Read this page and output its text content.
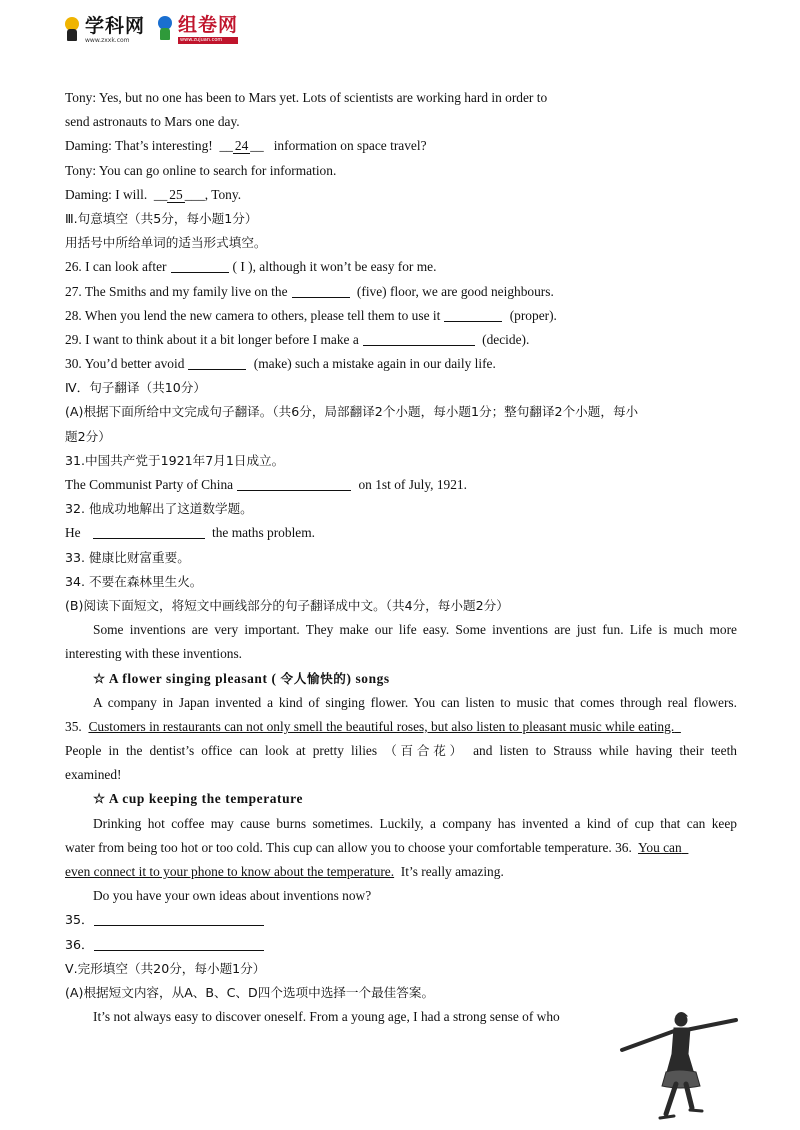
学科网
www.zxxk.com
组卷网
www.zujuan.com
Tony: Yes, but no one has been to Mars yet. Lots of scientists are working hard in order to
send astronauts to Mars one day.
Daming: That’s interesting!  __ 24 __   information on space travel?
Tony: You can go online to search for information.
Daming: I will.  __ 25 ___, Tony.
Ⅲ.句意填空（共5分，每小题1分）
用括号中所给单词的适当形式填空。
26. I can look after	( I ), although it won’t be easy for me.
27. The Smiths and my family live on the	(five) floor, we are good neighbours.
28. When you lend the new camera to others, please tell them to use it	(proper).
29. I want to think about it a bit longer before I make a	(decide).
30. You’d better avoid	(make) such a mistake again in our daily life.
Ⅳ．句子翻译（共10分）
(A)根据下面所给中文完成句子翻译。（共6分，局部翻译2个小题，每小题1分；整句翻译2个小题，每小
题2分）
31.中国共产党于1921年7月1日成立。
The Communist Party of China	on 1st of July, 1921.
32. 他成功地解出了这道数学题。
He	the maths problem.
33. 健康比财富重要。
34. 不要在森林里生火。
(B)阅读下面短文，将短文中画线部分的句子翻译成中文。（共4分，每小题2分）
Some inventions are very important. They make our life easy. Some inventions are just fun. Life is much more
interesting with these inventions.
☆ A flower singing pleasant ( 令人愉快的) songs
A company in Japan invented a kind of singing flower. You can listen to music that comes through real flowers.
35. Customers in restaurants can not only smell the beautiful roses, but also listen to pleasant music while eating.
People in the dentist’s office can look at pretty lilies （百合花） and listen to Strauss while having their teeth
examined!
☆ A cup keeping the temperature
Drinking hot coffee may cause burns sometimes. Luckily, a company has invented a kind of cup that can keep
water from being too hot or too cold. This cup can allow you to choose your comfortable temperature. 36. You can
even connect it to your phone to know about the temperature. It’s really amazing.
Do you have your own ideas about inventions now?
35．
36．
Ⅴ.完形填空（共20分，每小题1分）
(A)根据短文内容，从A、B、C、D四个选项中选择一个最佳答案。
It’s not always easy to discover oneself. From a young age, I had a strong sense of who
